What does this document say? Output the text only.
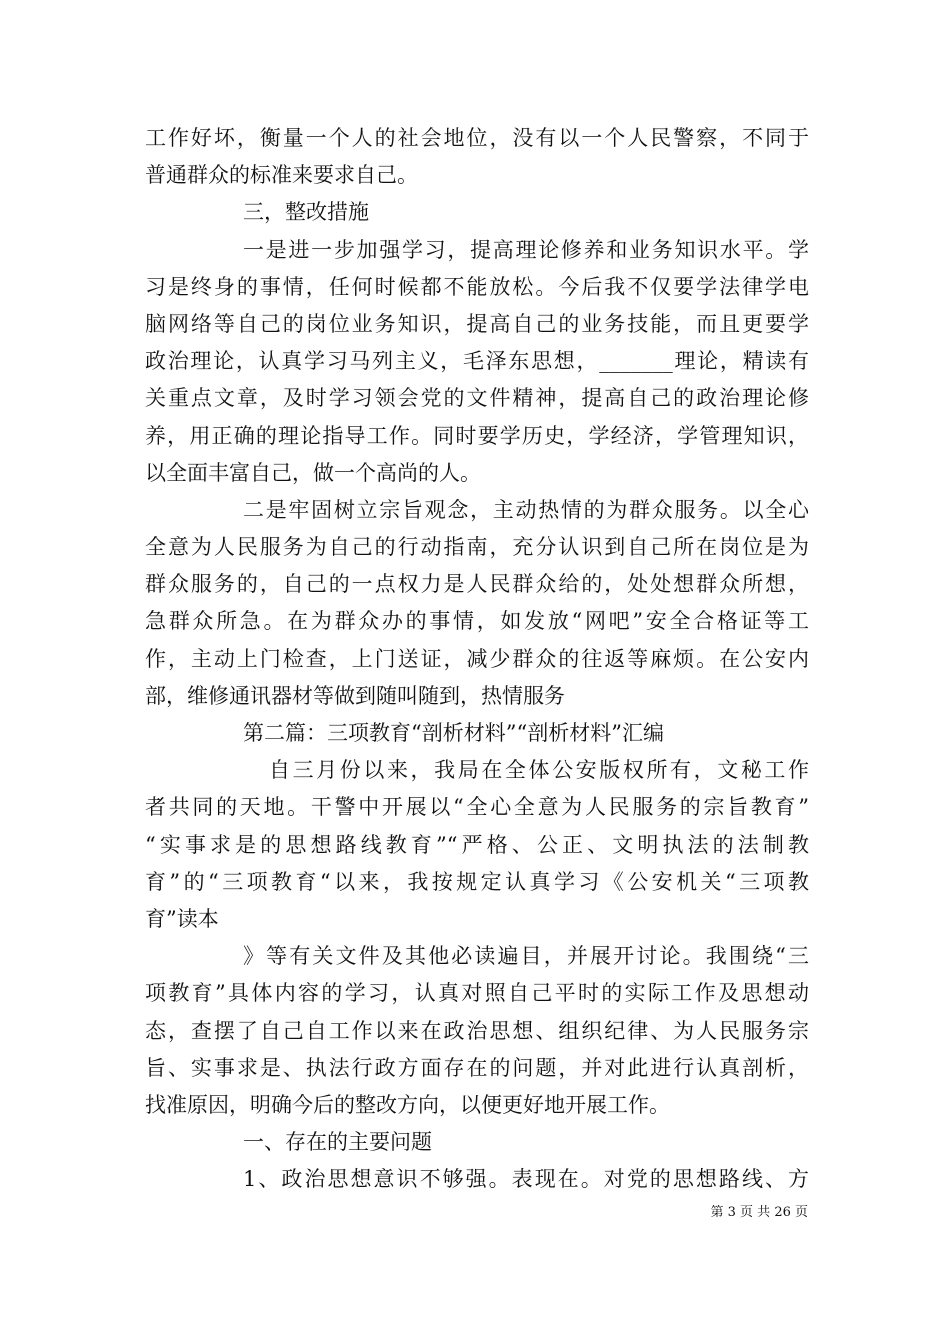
工作好坏，衡量一个人的社会地位，没有以一个人民警察，不同于
普通群众的标准来要求自己。
三，整改措施
一是进一步加强学习，提高理论修养和业务知识水平。学
习是终身的事情，任何时候都不能放松。今后我不仅要学法律学电
脑网络等自己的岗位业务知识，提高自己的业务技能，而且更要学
政治理论，认真学习马列主义，毛泽东思想，_______理论，精读有
关重点文章，及时学习领会党的文件精神，提高自己的政治理论修
养，用正确的理论指导工作。同时要学历史，学经济，学管理知识，
以全面丰富自己，做一个高尚的人。
二是牢固树立宗旨观念，主动热情的为群众服务。以全心
全意为人民服务为自己的行动指南，充分认识到自己所在岗位是为
群众服务的，自己的一点权力是人民群众给的，处处想群众所想，
急群众所急。在为群众办的事情，如发放“网吧”安全合格证等工
作，主动上门检查，上门送证，减少群众的往返等麻烦。在公安内
部，维修通讯器材等做到随叫随到，热情服务
第二篇：三项教育“剖析材料”“剖析材料”汇编
自三月份以来，我局在全体公安版权所有，文秘工作
者共同的天地。干警中开展以“全心全意为人民服务的宗旨教育”
“实事求是的思想路线教育”“严格、公正、文明执法的法制教
育”的“三项教育“以来，我按规定认真学习《公安机关“三项教
育”读本
》等有关文件及其他必读遍目，并展开讨论。我围绕“三
项教育”具体内容的学习，认真对照自己平时的实际工作及思想动
态，查摆了自己自工作以来在政治思想、组织纪律、为人民服务宗
旨、实事求是、执法行政方面存在的问题，并对此进行认真剖析，
找准原因，明确今后的整改方向，以便更好地开展工作。
一、存在的主要问题
1、政治思想意识不够强。表现在。对党的思想路线、方
第 3 页 共 26 页
